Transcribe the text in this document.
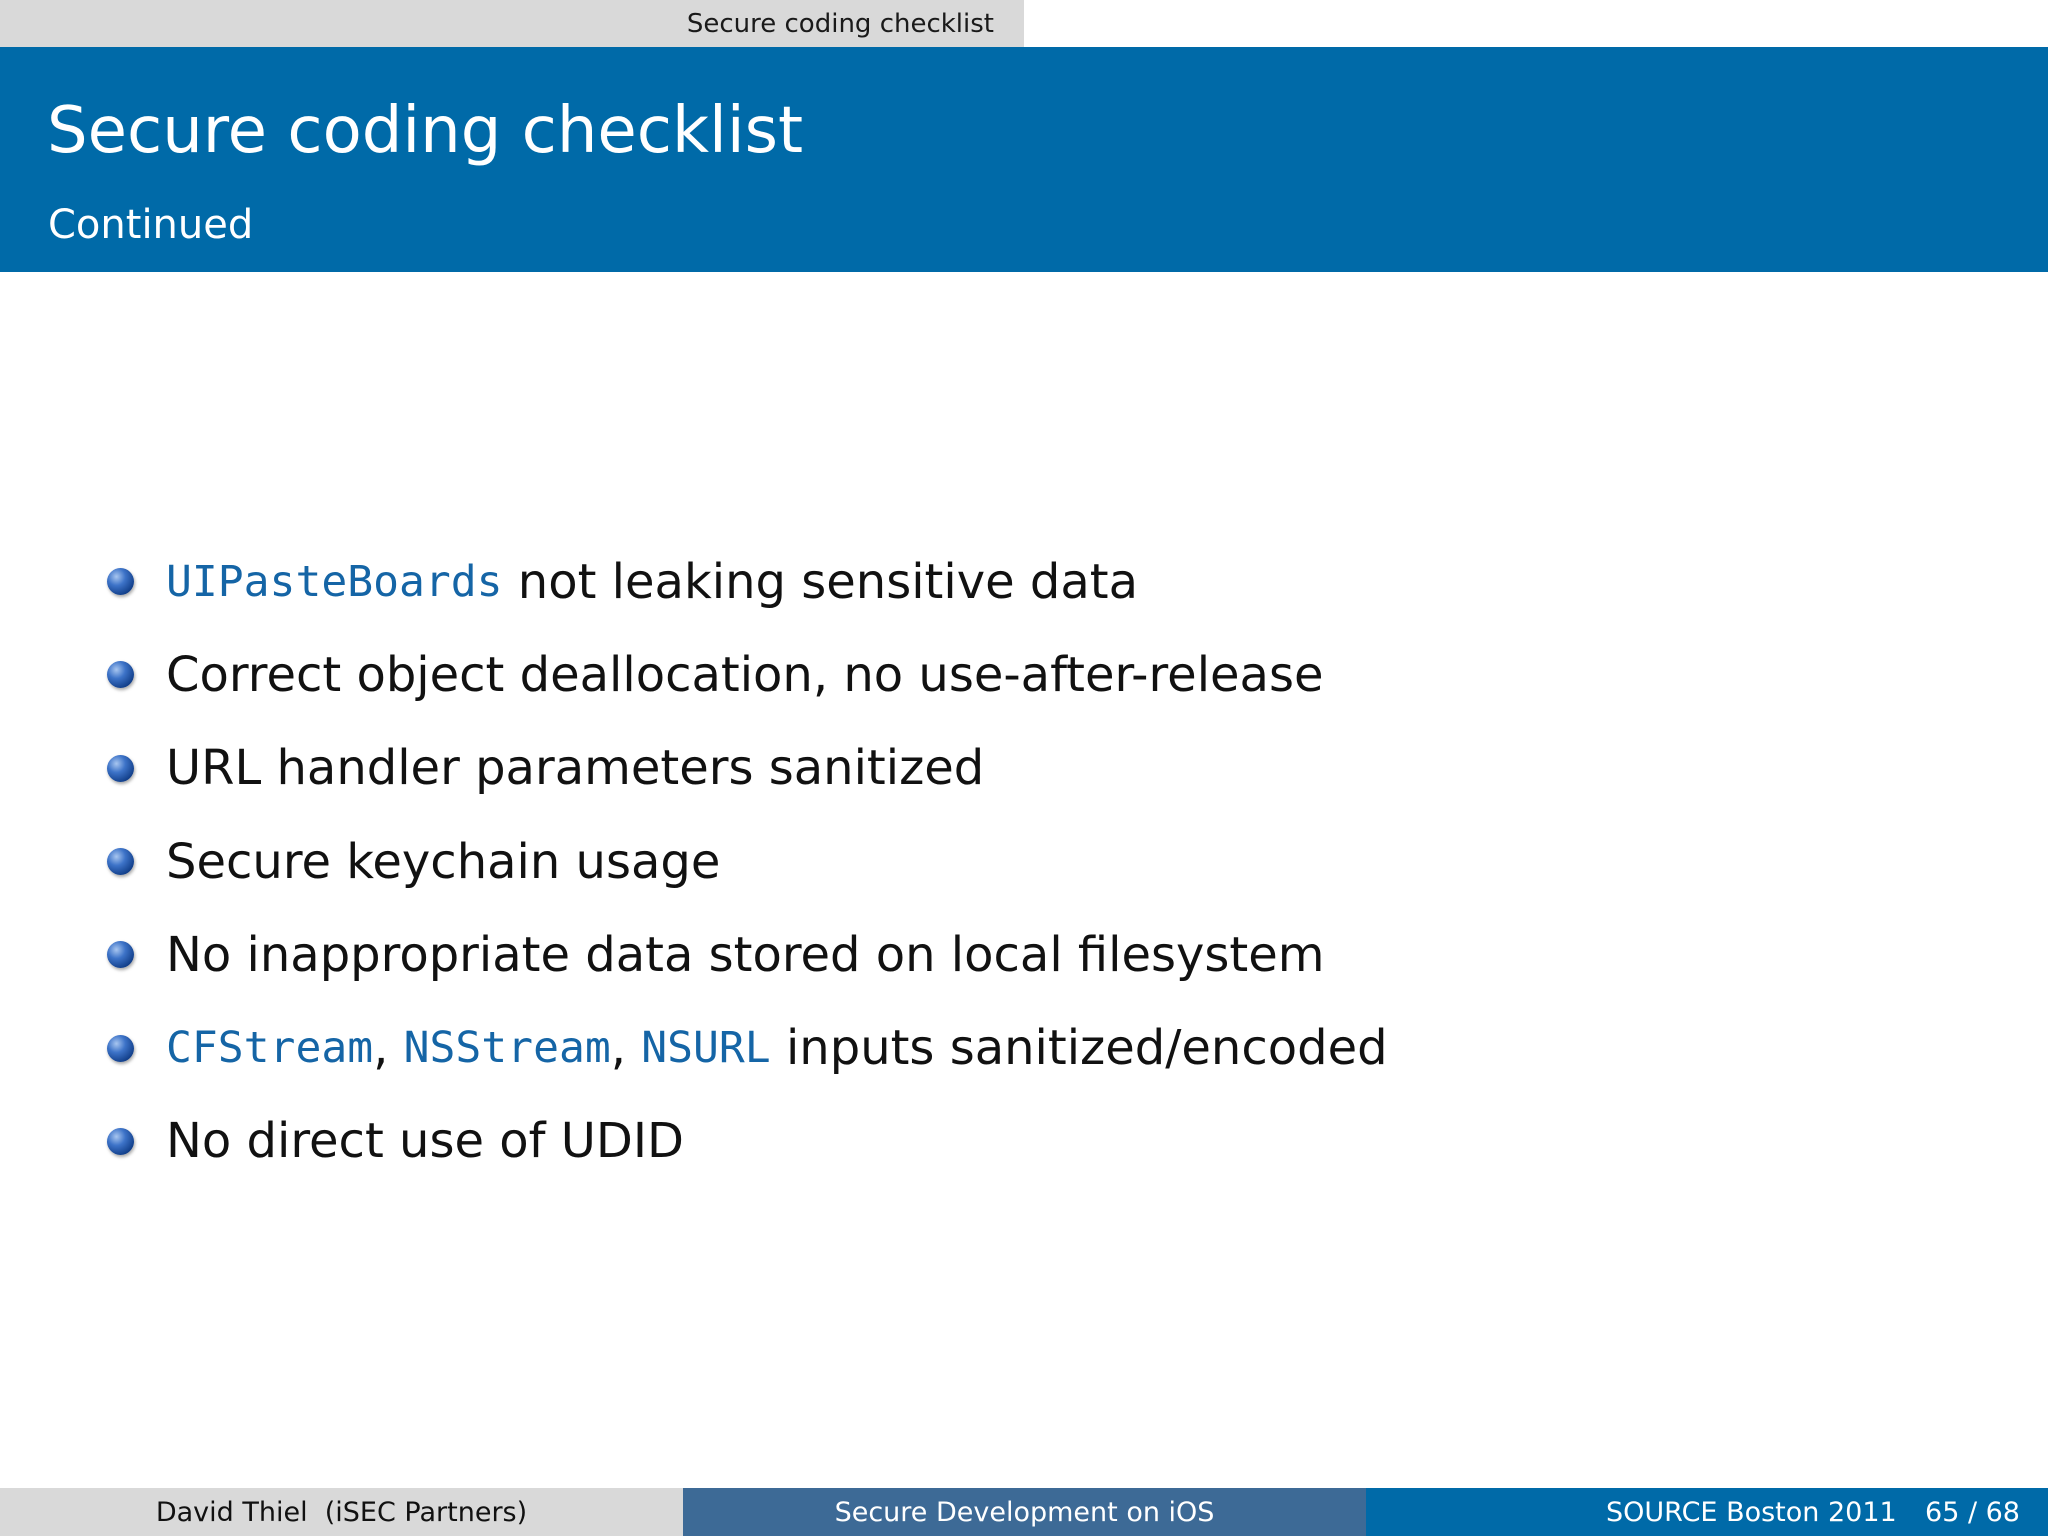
Secure coding checklist
Secure coding checklist
Continued
UIPasteBoards not leaking sensitive data
Correct object deallocation, no use-after-release
URL handler parameters sanitized
Secure keychain usage
No inappropriate data stored on local filesystem
CFStream , NSStream , NSURL inputs sanitized/encoded
No direct use of UDID
David Thiel  (iSEC Partners)	Secure Development on iOS	SOURCE Boston 2011 65 / 68
